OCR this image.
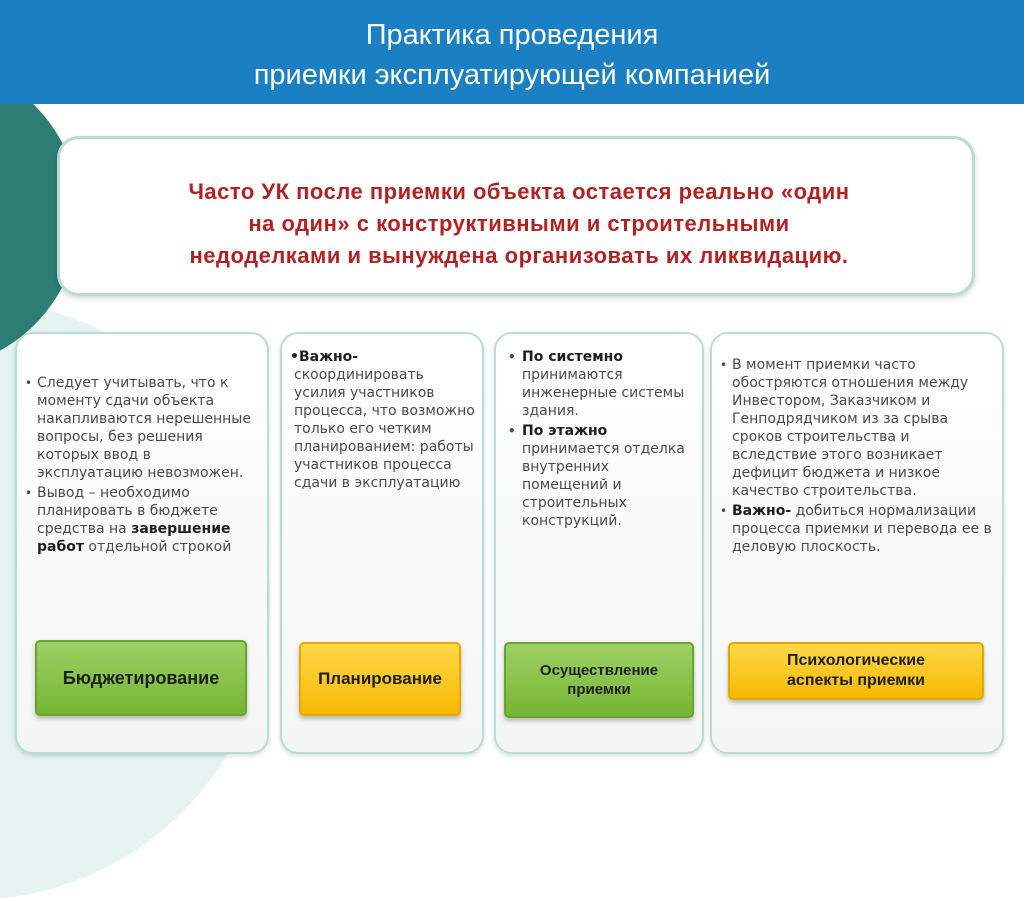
Практика проведения
приемки эксплуатирующей компанией
Часто УК после приемки объекта остается реально «один
на один» с конструктивными и строительными
недоделками и вынуждена организовать их ликвидацию.
• Следует учитывать, что к моменту сдачи объекта накапливаются нерешенные вопросы, без решения которых ввод в эксплуатацию невозможен.
• Вывод – необходимо планировать в бюджете средства на завершение работ отдельной строкой
Бюджетирование
•Важно-
скоординировать усилия участников процесса, что возможно только его четким планированием: работы участников процесса сдачи в эксплуатацию
Планирование
• По системно
принимаются инженерные системы здания.
• По этажно
принимается отделка внутренних помещений и строительных конструкций.
Осуществление приемки
• В момент приемки часто обостряются отношения между Инвестором, Заказчиком и Генподрядчиком из за срыва сроков строительства и вследствие этого возникает дефицит бюджета и низкое качество строительства.
• Важно- добиться нормализации процесса приемки и перевода ее в деловую плоскость.
Психологические аспекты приемки
